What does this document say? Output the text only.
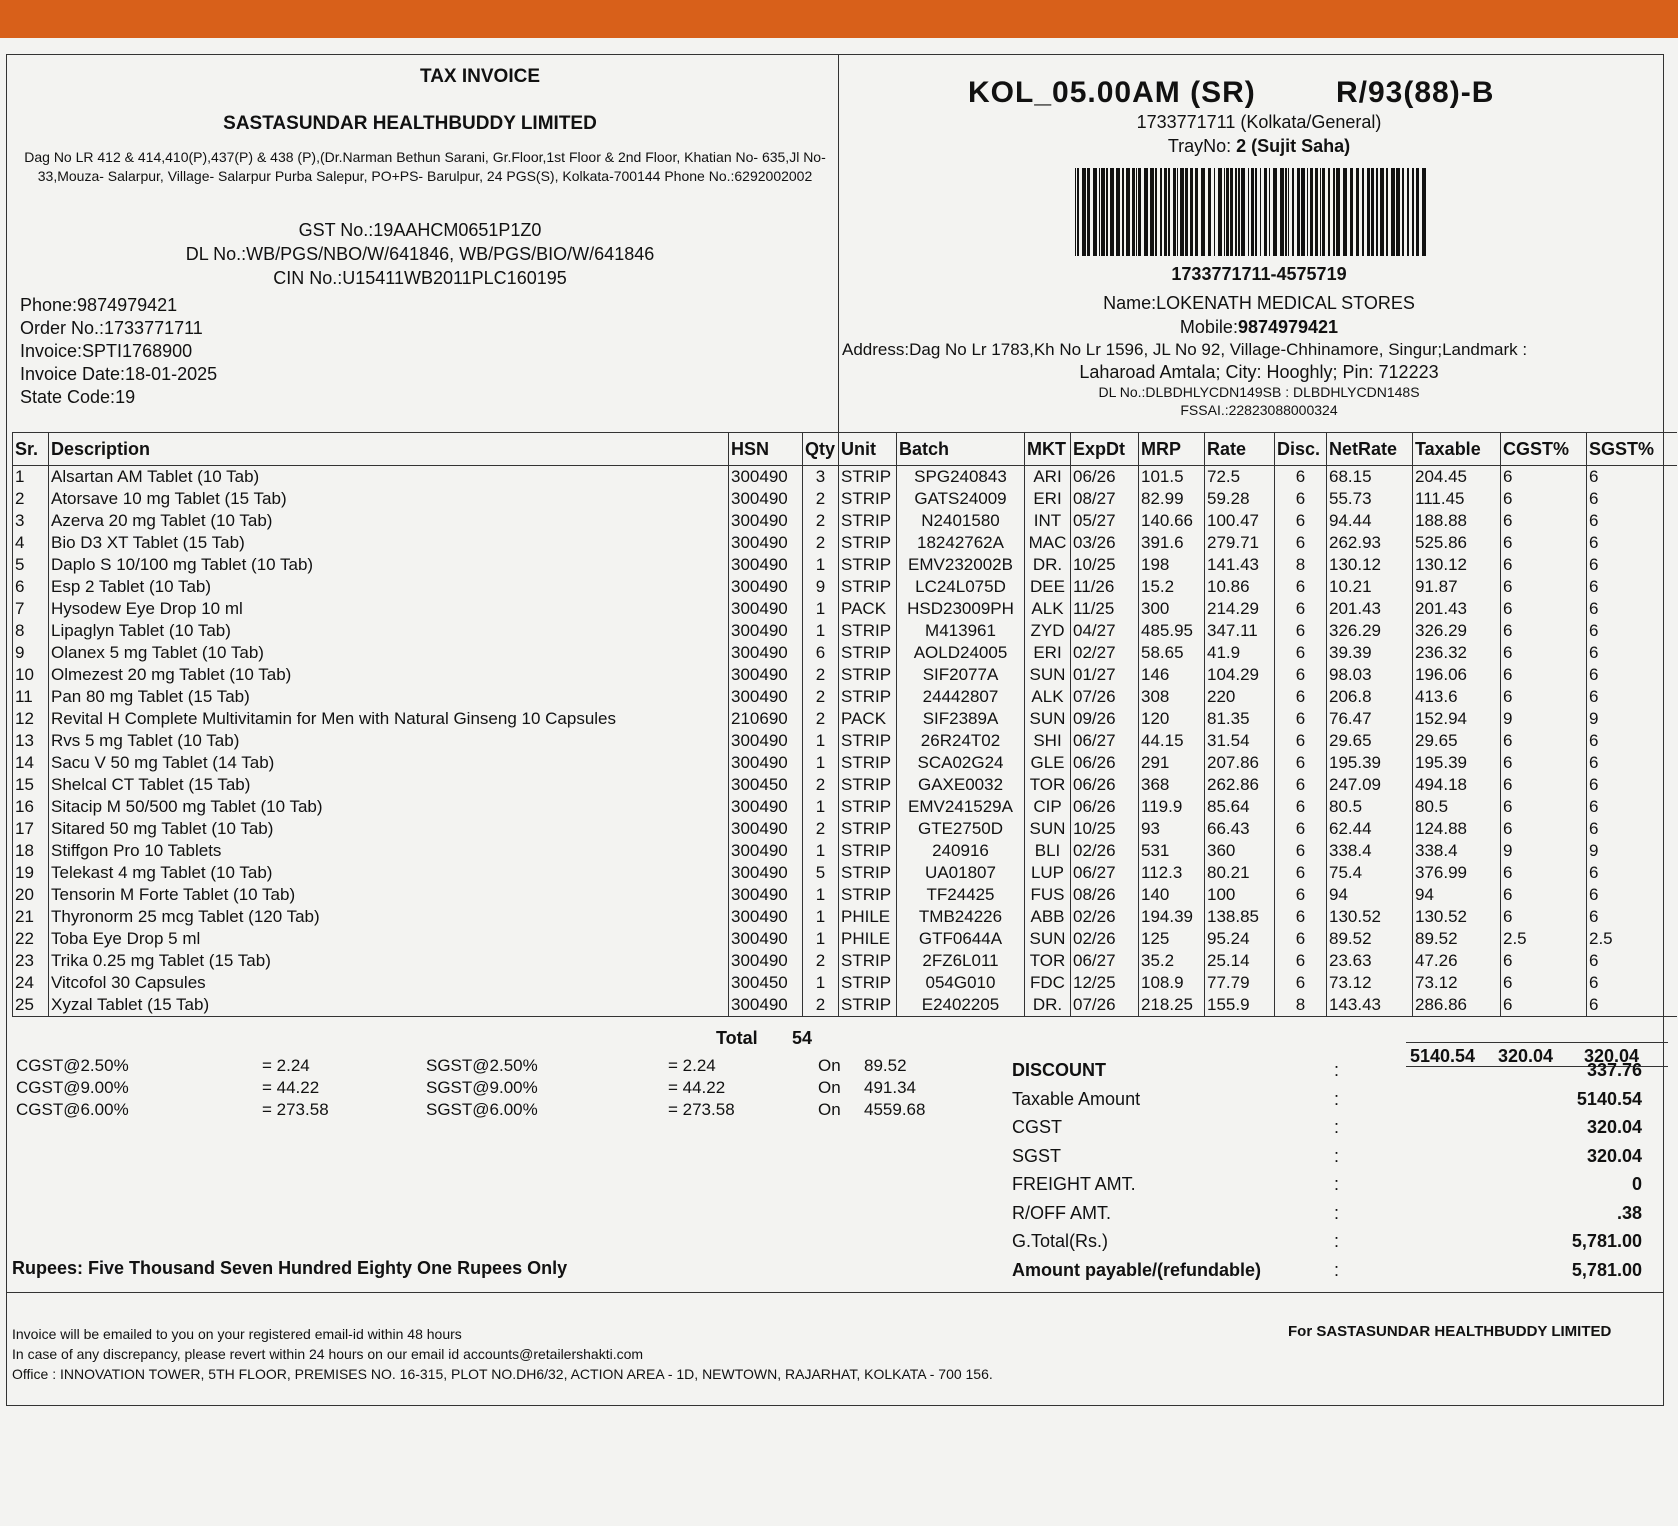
TAX INVOICE
SASTASUNDAR HEALTHBUDDY LIMITED
Dag No LR 412 & 414,410(P),437(P) & 438 (P),(Dr.Narman Bethun Sarani, Gr.Floor,1st Floor & 2nd Floor, Khatian No- 635,Jl No- 33,Mouza- Salarpur, Village- Salarpur Purba Salepur, PO+PS- Barulpur, 24 PGS(S), Kolkata-700144 Phone No.:6292002002
GST No.:19AAHCM0651P1Z0
DL No.:WB/PGS/NBO/W/641846, WB/PGS/BIO/W/641846
CIN No.:U15411WB2011PLC160195
Phone:9874979421
Order No.:1733771711
Invoice:SPTI1768900
Invoice Date:18-01-2025
State Code:19
KOL_05.00AM (SR)	R/93(88)-B
1733771711 (Kolkata/General)
TrayNo: 2 (Sujit Saha)
1733771711-4575719
Name:LOKENATH MEDICAL STORES
Mobile:9874979421
Address:Dag No Lr 1783,Kh No Lr 1596, JL No 92, Village-Chhinamore, Singur;Landmark :
Laharoad Amtala; City: Hooghly; Pin: 712223
DL No.:DLBDHLYCDN149SB : DLBDHLYCDN148S
FSSAI.:22823088000324
Sr.	Description	HSN	Qty	Unit	Batch	MKT	ExpDt	MRP	Rate	Disc.	NetRate	Taxable	CGST%	SGST%
1	Alsartan AM Tablet (10 Tab)	300490	3	STRIP	SPG240843	ARI	06/26	101.5	72.5	6	68.15	204.45	6	6
2	Atorsave 10 mg Tablet (15 Tab)	300490	2	STRIP	GATS24009	ERI	08/27	82.99	59.28	6	55.73	111.45	6	6
3	Azerva 20 mg Tablet (10 Tab)	300490	2	STRIP	N2401580	INT	05/27	140.66	100.47	6	94.44	188.88	6	6
4	Bio D3 XT Tablet (15 Tab)	300490	2	STRIP	18242762A	MAC	03/26	391.6	279.71	6	262.93	525.86	6	6
5	Daplo S 10/100 mg Tablet (10 Tab)	300490	1	STRIP	EMV232002B	DR.	10/25	198	141.43	8	130.12	130.12	6	6
6	Esp 2 Tablet (10 Tab)	300490	9	STRIP	LC24L075D	DEE	11/26	15.2	10.86	6	10.21	91.87	6	6
7	Hysodew Eye Drop 10 ml	300490	1	PACK	HSD23009PH	ALK	11/25	300	214.29	6	201.43	201.43	6	6
8	Lipaglyn Tablet (10 Tab)	300490	1	STRIP	M413961	ZYD	04/27	485.95	347.11	6	326.29	326.29	6	6
9	Olanex 5 mg Tablet (10 Tab)	300490	6	STRIP	AOLD24005	ERI	02/27	58.65	41.9	6	39.39	236.32	6	6
10	Olmezest 20 mg Tablet (10 Tab)	300490	2	STRIP	SIF2077A	SUN	01/27	146	104.29	6	98.03	196.06	6	6
11	Pan 80 mg Tablet (15 Tab)	300490	2	STRIP	24442807	ALK	07/26	308	220	6	206.8	413.6	6	6
12	Revital H Complete Multivitamin for Men with Natural Ginseng 10 Capsules	210690	2	PACK	SIF2389A	SUN	09/26	120	81.35	6	76.47	152.94	9	9
13	Rvs 5 mg Tablet (10 Tab)	300490	1	STRIP	26R24T02	SHI	06/27	44.15	31.54	6	29.65	29.65	6	6
14	Sacu V 50 mg Tablet (14 Tab)	300490	1	STRIP	SCA02G24	GLE	06/26	291	207.86	6	195.39	195.39	6	6
15	Shelcal CT Tablet (15 Tab)	300450	2	STRIP	GAXE0032	TOR	06/26	368	262.86	6	247.09	494.18	6	6
16	Sitacip M 50/500 mg Tablet (10 Tab)	300490	1	STRIP	EMV241529A	CIP	06/26	119.9	85.64	6	80.5	80.5	6	6
17	Sitared 50 mg Tablet (10 Tab)	300490	2	STRIP	GTE2750D	SUN	10/25	93	66.43	6	62.44	124.88	6	6
18	Stiffgon Pro 10 Tablets	300490	1	STRIP	240916	BLI	02/26	531	360	6	338.4	338.4	9	9
19	Telekast 4 mg Tablet (10 Tab)	300490	5	STRIP	UA01807	LUP	06/27	112.3	80.21	6	75.4	376.99	6	6
20	Tensorin M Forte Tablet (10 Tab)	300490	1	STRIP	TF24425	FUS	08/26	140	100	6	94	94	6	6
21	Thyronorm 25 mcg Tablet (120 Tab)	300490	1	PHILE	TMB24226	ABB	02/26	194.39	138.85	6	130.52	130.52	6	6
22	Toba Eye Drop 5 ml	300490	1	PHILE	GTF0644A	SUN	02/26	125	95.24	6	89.52	89.52	2.5	2.5
23	Trika 0.25 mg Tablet (15 Tab)	300490	2	STRIP	2FZ6L011	TOR	06/27	35.2	25.14	6	23.63	47.26	6	6
24	Vitcofol 30 Capsules	300450	1	STRIP	054G010	FDC	12/25	108.9	77.79	6	73.12	73.12	6	6
25	Xyzal Tablet (15 Tab)	300490	2	STRIP	E2402205	DR.	07/26	218.25	155.9	8	143.43	286.86	6	6
Total 54
5140.54 320.04 320.04
CGST@2.50%	= 2.24	SGST@2.50%	= 2.24	On 89.52
CGST@9.00%	= 44.22	SGST@9.00%	= 44.22	On 491.34
CGST@6.00%	= 273.58	SGST@6.00%	= 273.58	On 4559.68
DISCOUNT	:	337.76
Taxable Amount	:	5140.54
CGST	:	320.04
SGST	:	320.04
FREIGHT AMT.	:	0
R/OFF AMT.	:	.38
G.Total(Rs.)	:	5,781.00
Amount payable/(refundable)	:	5,781.00
Rupees: Five Thousand Seven Hundred Eighty One Rupees Only
Invoice will be emailed to you on your registered email-id within 48 hours
In case of any discrepancy, please revert within 24 hours on our email id accounts@retailershakti.com
Office : INNOVATION TOWER, 5TH FLOOR, PREMISES NO. 16-315, PLOT NO.DH6/32, ACTION AREA - 1D, NEWTOWN, RAJARHAT, KOLKATA - 700 156.
For SASTASUNDAR HEALTHBUDDY LIMITED
